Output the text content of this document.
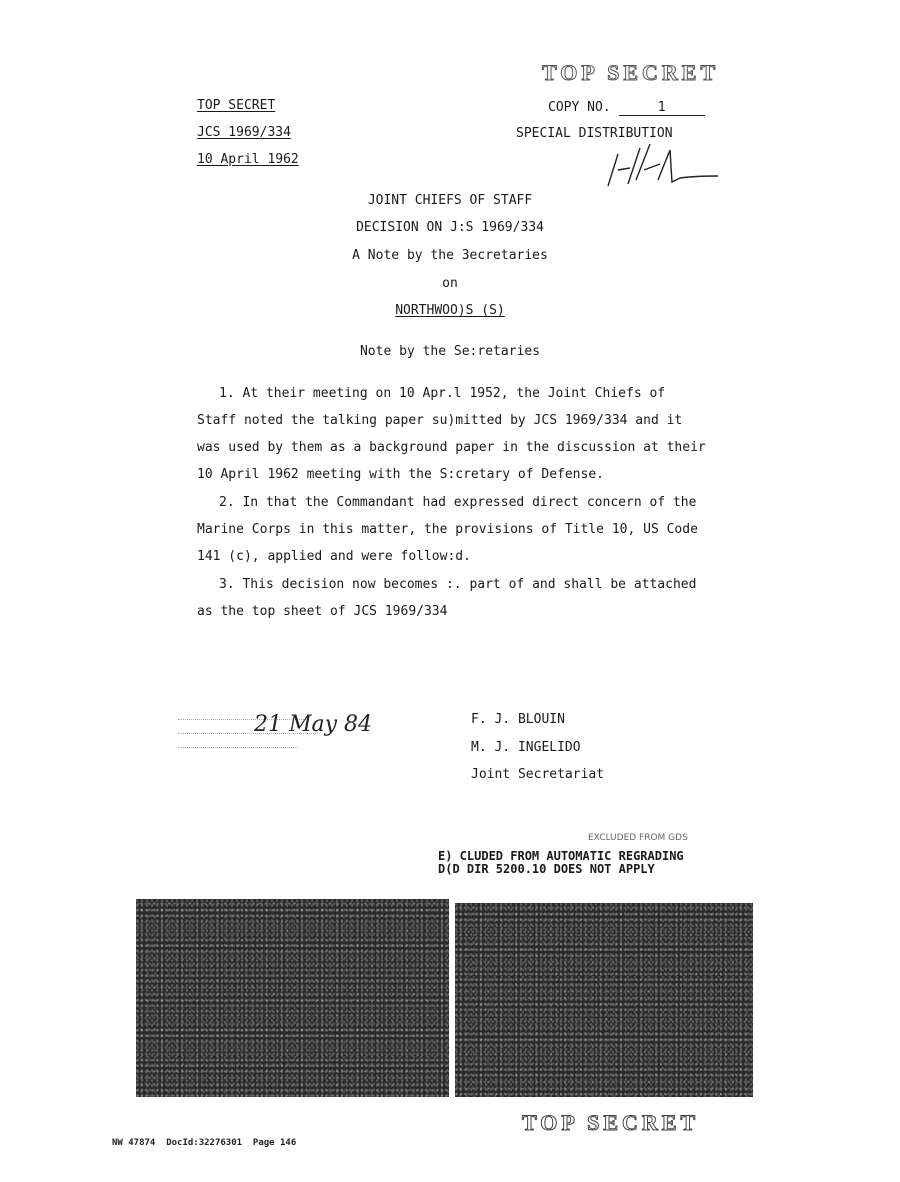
TOP SECRET
JCS 1969/334
10 April 1962
TOP SECRET
COPY NO.	1
SPECIAL DISTRIBUTION
JOINT CHIEFS OF STAFF
DECISION ON J:S 1969/334
A Note by the 3ecretaries
on
NORTHWOO)S (S)
Note by the Se:retaries
1. At their meeting on 10 Apr.l 1952, the Joint Chiefs of
Staff noted the talking paper su)mitted by JCS 1969/334 and it
was used by them as a background paper in the discussion at their
10 April 1962 meeting with the S:cretary of Defense.
2. In that the Commandant had expressed direct concern of the
Marine Corps in this matter, the provisions of Title 10, US Code
141 (c), applied and were follow:d.
3. This decision now becomes :. part of and shall be attached
as the top sheet of JCS 1969/334
21 May 84	F. J. BLOUIN
M. J. INGELIDO
Joint Secretariat
EXCLUDED FROM GDS
E) CLUDED FROM AUTOMATIC REGRADING
D(D DIR 5200.10 DOES NOT APPLY
TOP SECRET
NW 47874 DocId:32276301 Page 146
